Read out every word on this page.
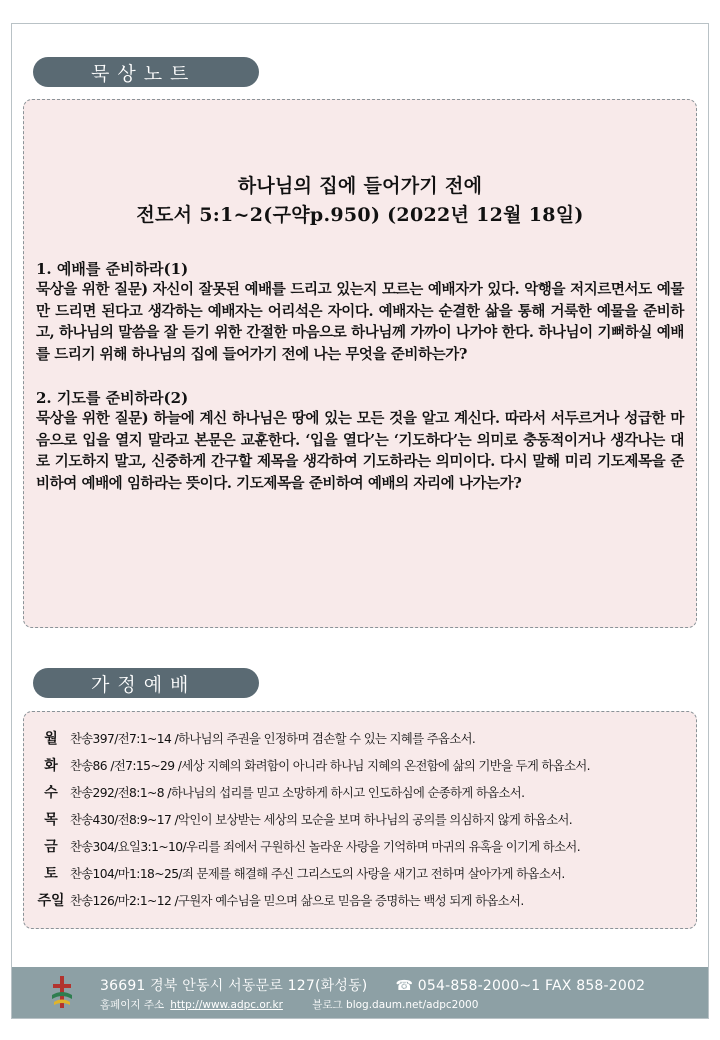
묵상노트
하나님의 집에 들어가기 전에
전도서 5:1~2(구약p.950) (2022년 12월 18일)
1. 예배를 준비하라(1)
묵상을 위한 질문) 자신이 잘못된 예배를 드리고 있는지 모르는 예배자가 있다. 악행을 저지르면서도 예물만 드리면 된다고 생각하는 예배자는 어리석은 자이다. 예배자는 순결한 삶을 통해 거룩한 예물을 준비하고, 하나님의 말씀을 잘 듣기 위한 간절한 마음으로 하나님께 가까이 나가야 한다. 하나님이 기뻐하실 예배를 드리기 위해 하나님의 집에 들어가기 전에 나는 무엇을 준비하는가?
2. 기도를 준비하라(2)
묵상을 위한 질문) 하늘에 계신 하나님은 땅에 있는 모든 것을 알고 계신다. 따라서 서두르거나 성급한 마음으로 입을 열지 말라고 본문은 교훈한다. ‘입을 열다’는 ‘기도하다’는 의미로 충동적이거나 생각나는 대로 기도하지 말고, 신중하게 간구할 제목을 생각하여 기도하라는 의미이다. 다시 말해 미리 기도제목을 준비하여 예배에 임하라는 뜻이다. 기도제목을 준비하여 예배의 자리에 나가는가?
가정예배
월 찬송397/전7:1~14 /하나님의 주권을 인정하며 겸손할 수 있는 지혜를 주옵소서.
화 찬송86 /전7:15~29 /세상 지혜의 화려함이 아니라 하나님 지혜의 온전함에 삶의 기반을 두게 하옵소서.
수 찬송292/전8:1~8 /하나님의 섭리를 믿고 소망하게 하시고 인도하심에 순종하게 하옵소서.
목 찬송430/전8:9~17 /악인이 보상받는 세상의 모순을 보며 하나님의 공의를 의심하지 않게 하옵소서.
금 찬송304/요일3:1~10/우리를 죄에서 구원하신 놀라운 사랑을 기억하며 마귀의 유혹을 이기게 하소서.
토 찬송104/마1:18~25/죄 문제를 해결해 주신 그리스도의 사랑을 새기고 전하며 살아가게 하옵소서.
주일 찬송126/마2:1~12 /구원자 예수님을 믿으며 삶으로 믿음을 증명하는 백성 되게 하옵소서.
36691 경북 안동시 서동문로 127(화성동) ☎ 054-858-2000~1 FAX 858-2002
홈페이지 주소 http://www.adpc.or.kr	블로그 blog.daum.net/adpc2000
